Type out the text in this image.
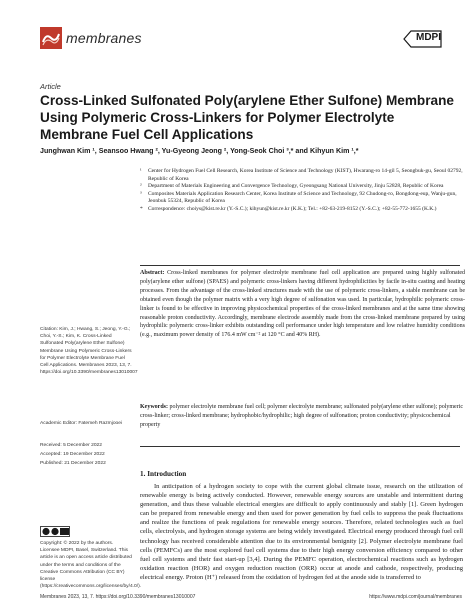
membranes	MDPI
Article
Cross-Linked Sulfonated Poly(arylene Ether Sulfone) Membrane Using Polymeric Cross-Linkers for Polymer Electrolyte Membrane Fuel Cell Applications
Junghwan Kim ¹, Seansoo Hwang ², Yu-Gyeong Jeong ², Yong-Seok Choi ³,* and Kihyun Kim ¹,*
¹ Center for Hydrogen Fuel Cell Research, Korea Institute of Science and Technology (KIST), Hwarang-ro 14-gil 5, Seongbuk-gu, Seoul 02792, Republic of Korea
² Department of Materials Engineering and Convergence Technology, Gyeongsang National University, Jinju 52828, Republic of Korea
³ Composites Materials Application Research Center, Korea Institute of Science and Technology, 92 Chudong-ro, Bongdong-eup, Wanju-gun, Jeonbuk 55324, Republic of Korea
* Correspondence: choiys@kist.re.kr (Y.-S.C.); kihyun@kist.re.kr (K.K.); Tel.: +82-63-219-8152 (Y.-S.C.); +82-55-772-1655 (K.K.)
Abstract: Cross-linked membranes for polymer electrolyte membrane fuel cell application are prepared using highly sulfonated poly(arylene ether sulfone) (SPAES) and polymeric cross-linkers having different hydrophilicities by facile in-situ casting and heating processes. From the advantage of the cross-linked structures made with the use of polymeric cross-linkers, a stable membrane can be obtained even though the polymer matrix with a very high degree of sulfonation was used. In particular, hydrophilic polymeric cross-linker is found to be effective in improving physicochemical properties of the cross-linked membranes and at the same time showing reasonable proton conductivity. Accordingly, membrane electrode assembly made from the cross-linked membrane prepared by using hydrophilic polymeric cross-linker exhibits outstanding cell performance under high temperature and low relative humidity conditions (e.g., maximum power density of 176.4 mW cm⁻² at 120 °C and 40% RH).
Keywords: polymer electrolyte membrane fuel cell; polymer electrolyte membrane; sulfonated poly(arylene ether sulfone); polymeric cross-linker; cross-linked membrane; hydrophobic/hydrophilic; high degree of sulfonation; proton conductivity; physicochemical property
Citation: Kim, J.; Hwang, S.; Jeong, Y.-G.; Choi, Y.-S.; Kim, K. Cross-Linked Sulfonated Poly(arylene Ether Sulfone) Membrane Using Polymeric Cross-Linkers for Polymer Electrolyte Membrane Fuel Cell Applications. Membranes 2023, 13, 7. https://doi.org/10.3390/membranes13010007
Academic Editor: Fatemeh Razmjooei
Received: 5 December 2022
Accepted: 19 December 2022
Published: 21 December 2022
Copyright: © 2022 by the authors. Licensee MDPI, Basel, Switzerland. This article is an open access article distributed under the terms and conditions of the Creative Commons Attribution (CC BY) license (https://creativecommons.org/licenses/by/4.0/).
1. Introduction

In anticipation of a hydrogen society to cope with the current global climate issue, research on the utilization of renewable energy is being actively conducted. However, renewable energy sources are unstable and intermittent during generation, and thus these valuable electrical energies are difficult to apply continuously and stably [1]. Green hydrogen can be prepared from renewable energy and then used for power generation by fuel cells to suppress the peak fluctuations and realize the functions of peak regulations for renewable energy sources. Therefore, related technologies such as fuel cells, electrolysis, and hydrogen storage systems are being widely investigated. Electrical energy produced through fuel cell technology has received considerable attention due to its environmental benignity [2]. Polymer electrolyte membrane fuel cells (PEMFCs) are the most explored fuel cell systems due to their high energy conversion efficiency compared to other fuel cell systems and their fast start-up [3,4]. During the PEMFC operation, electrochemical reactions such as hydrogen oxidation reaction (HOR) and oxygen reduction reaction (ORR) occur at anode and cathode, respectively, producing electrical energy. Proton (H⁺) released from the oxidation of hydrogen fed at the anode side is transferred to

Membranes 2023, 13, 7. https://doi.org/10.3390/membranes13010007	https://www.mdpi.com/journal/membranes
